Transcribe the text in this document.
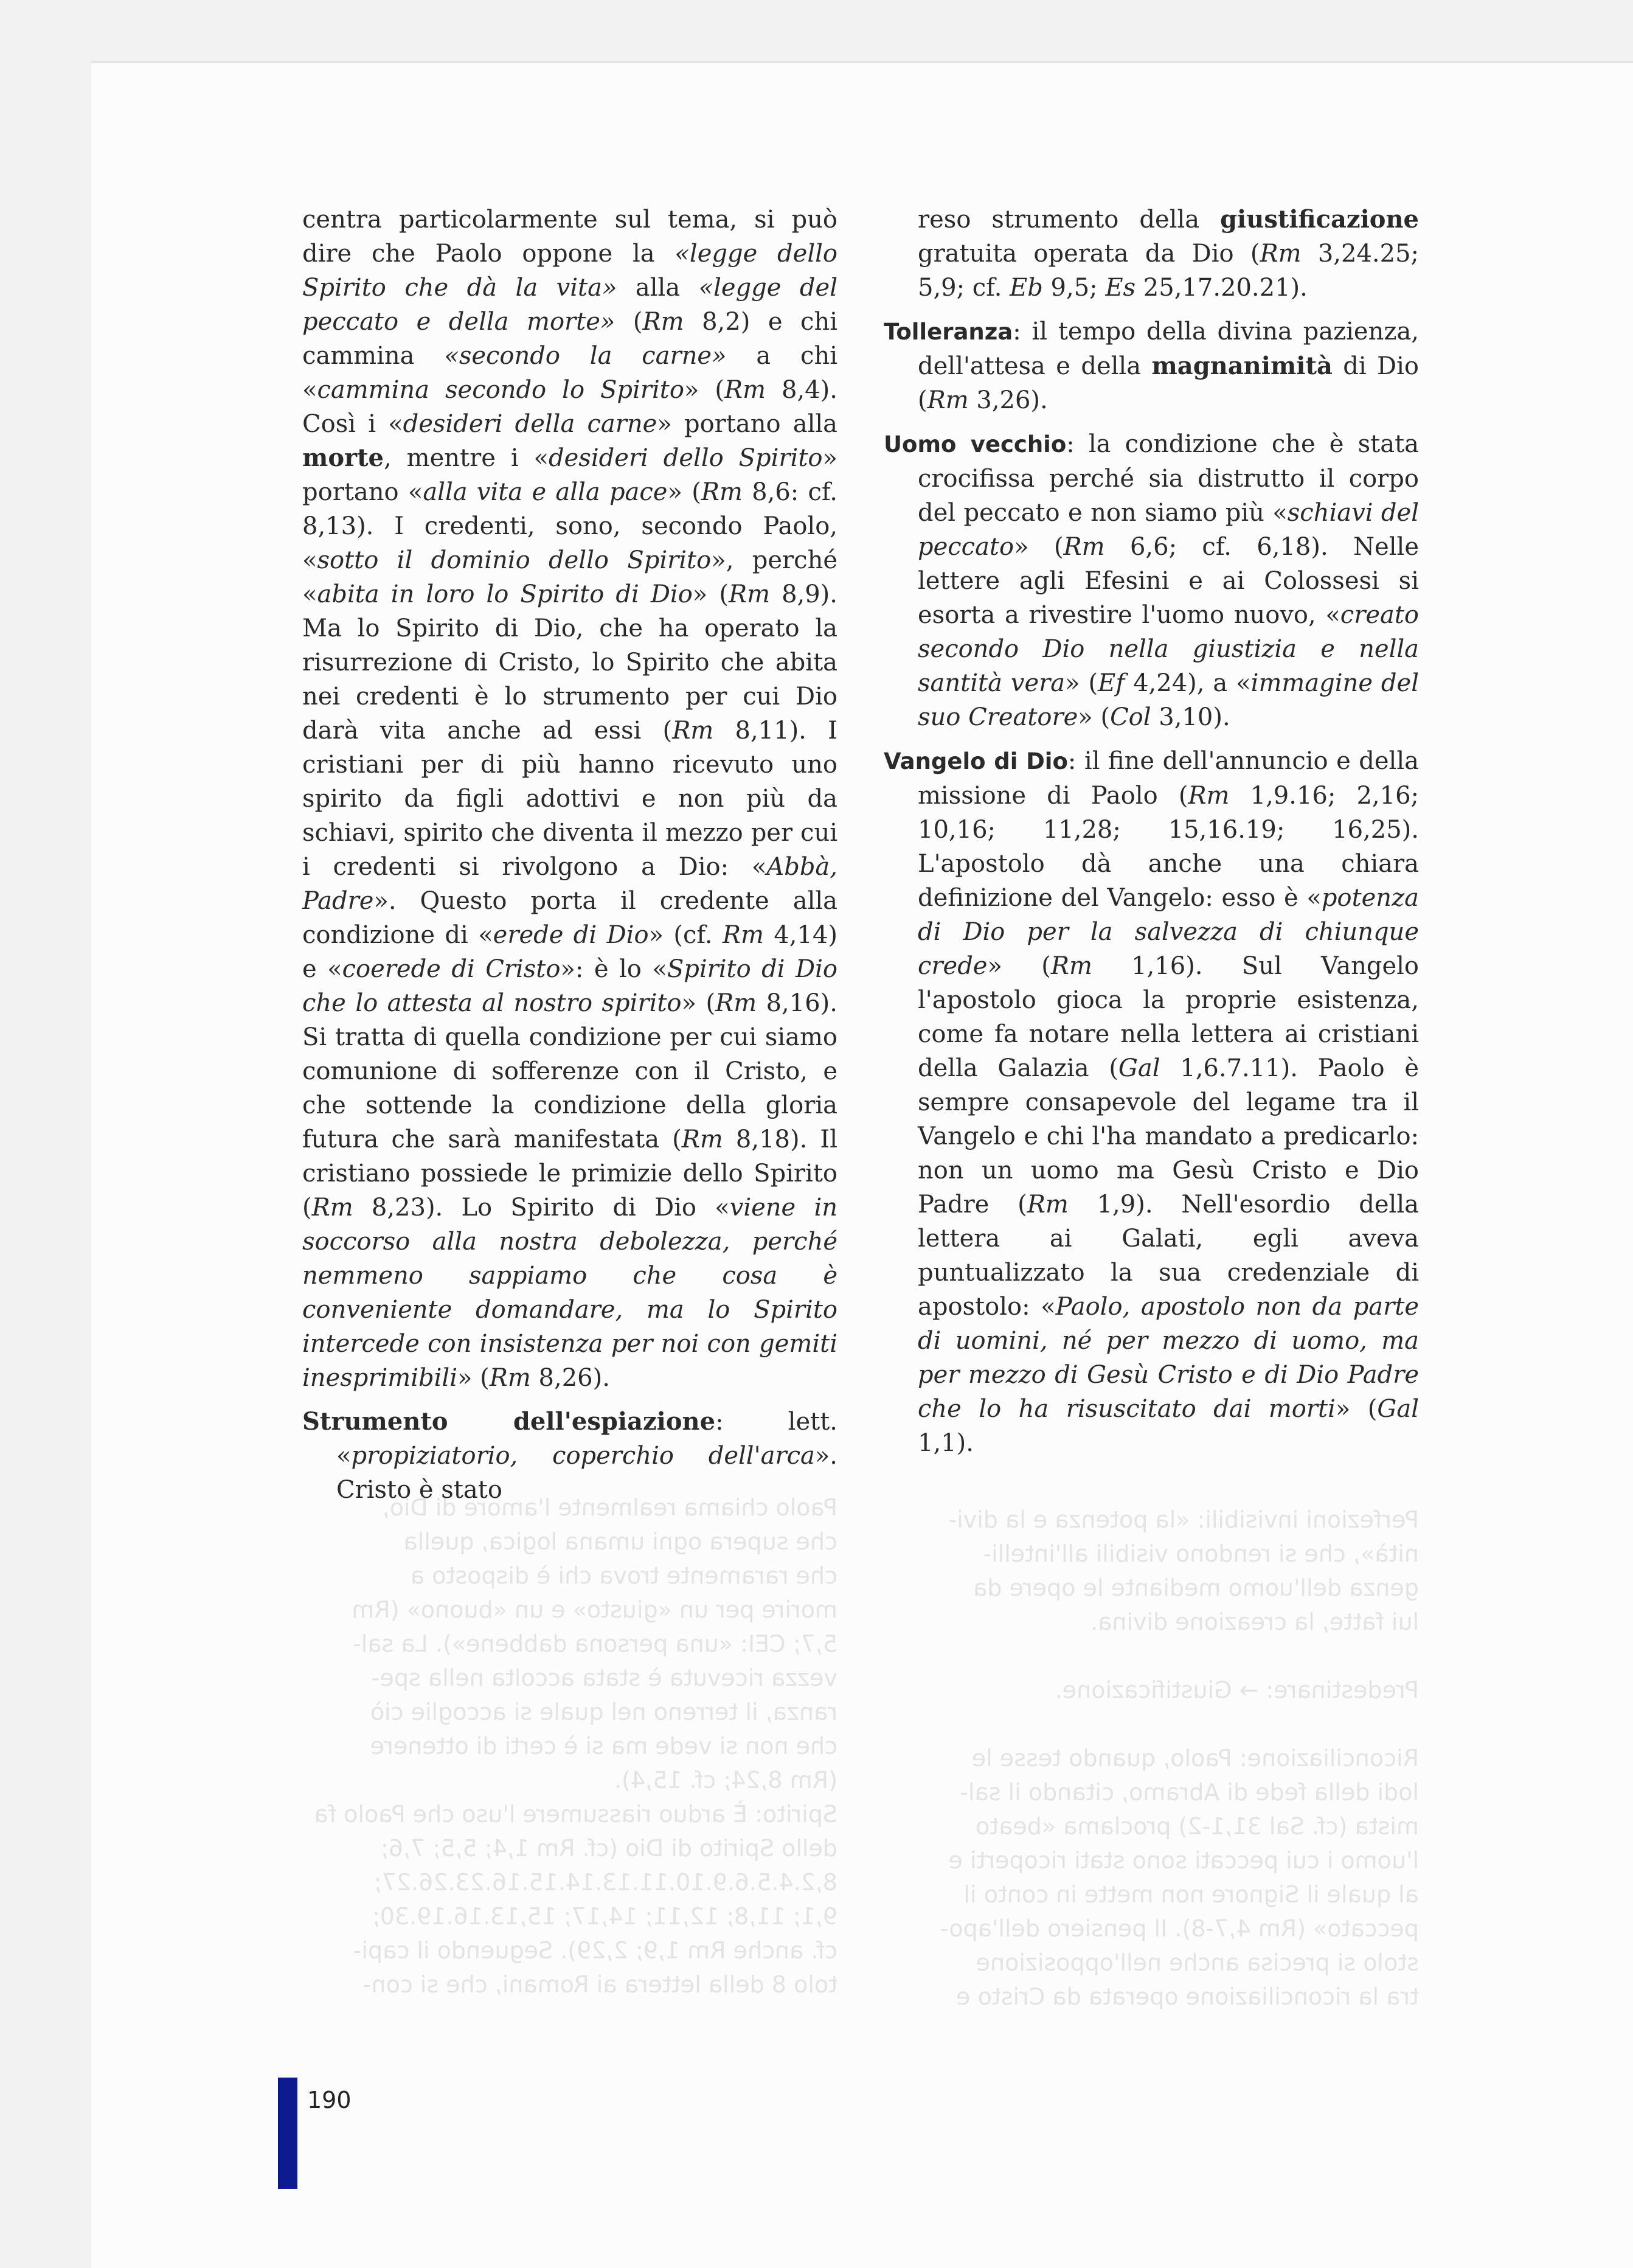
Paolo chiama realmente l'amore di Dio,
che supera ogni umana logica, quella
che raramente trova chi è disposto a
morire per un «giusto» e un «buono» (Rm
5,7; CEI: «una persona dabbene»). La sal-
vezza ricevuta è stata accolta nella spe-
ranza, il terreno nel quale si accoglie ciò
che non si vede ma si è certi di ottenere
(Rm 8,24; cf. 15,4).
Spirito: È arduo riassumere l'uso che Paolo fa
dello Spirito di Dio (cf. Rm 1,4; 5,5; 7,6;
8,2.4.5.6.9.10.11.13.14.15.16.23.26.27;
9,1; 11,8; 12,11; 14,17; 15,13.16.19.30;
cf. anche Rm 1,9; 2,29). Seguendo il capi-
tolo 8 della lettera ai Romani, che si con-
Perfezioni invisibili: «la potenza e la divi-
nità», che si rendono visibili all'intelli-
genza dell'uomo mediante le opere da
lui fatte, la creazione divina.

Predestinare: → Giustificazione.

Riconciliazione: Paolo, quando tesse le
lodi della fede di Abramo, citando il sal-
mista (cf. Sal 31,1-2) proclama «beato
l'uomo i cui peccati sono stati ricoperti e
al quale il Signore non mette in conto il
peccato» (Rm 4,7-8). Il pensiero dell'apo-
stolo si precisa anche nell'opposizione
tra la riconciliazione operata da Cristo e

centra particolarmente sul tema, si può dire che Paolo oppone la «legge dello Spirito che dà la vita» alla «legge del peccato e della morte» (Rm 8,2) e chi cammina «secondo la carne» a chi «cammina secondo lo Spirito» (Rm 8,4). Così i «desideri della carne» portano alla morte, mentre i «desideri dello Spirito» portano «alla vita e alla pace» (Rm 8,6: cf. 8,13). I credenti, sono, secondo Paolo, «sotto il dominio dello Spirito», perché «abita in loro lo Spirito di Dio» (Rm 8,9). Ma lo Spirito di Dio, che ha operato la risurrezione di Cristo, lo Spirito che abita nei credenti è lo strumento per cui Dio darà vita anche ad essi (Rm 8,11). I cristiani per di più hanno ricevuto uno spirito da figli adottivi e non più da schiavi, spirito che diventa il mezzo per cui i credenti si rivolgono a Dio: «Abbà, Padre». Questo porta il credente alla condizione di «erede di Dio» (cf. Rm 4,14) e «coerede di Cristo»: è lo «Spirito di Dio che lo attesta al nostro spirito» (Rm 8,16). Si tratta di quella condizione per cui siamo comunione di sofferenze con il Cristo, e che sottende la condizione della gloria futura che sarà manifestata (Rm 8,18). Il cristiano possiede le primizie dello Spirito (Rm 8,23). Lo Spirito di Dio «viene in soccorso alla nostra debolezza, perché nemmeno sappiamo che cosa è conveniente domandare, ma lo Spirito intercede con insistenza per noi con gemiti inesprimibili» (Rm 8,26).

Strumento dell'espiazione: lett. «propiziatorio, coperchio dell'arca». Cristo è stato

reso strumento della giustificazione gratuita operata da Dio (Rm 3,24.25; 5,9; cf. Eb 9,5; Es 25,17.20.21).

Tolleranza: il tempo della divina pazienza, dell'attesa e della magnanimità di Dio (Rm 3,26).

Uomo vecchio: la condizione che è stata crocifissa perché sia distrutto il corpo del peccato e non siamo più «schiavi del peccato» (Rm 6,6; cf. 6,18). Nelle lettere agli Efesini e ai Colossesi si esorta a rivestire l'uomo nuovo, «creato secondo Dio nella giustizia e nella santità vera» (Ef 4,24), a «immagine del suo Creatore» (Col 3,10).

Vangelo di Dio: il fine dell'annuncio e della missione di Paolo (Rm 1,9.16; 2,16; 10,16; 11,28; 15,16.19; 16,25). L'apostolo dà anche una chiara definizione del Vangelo: esso è «potenza di Dio per la salvezza di chiunque crede» (Rm 1,16). Sul Vangelo l'apostolo gioca la proprie esistenza, come fa notare nella lettera ai cristiani della Galazia (Gal 1,6.7.11). Paolo è sempre consapevole del legame tra il Vangelo e chi l'ha mandato a predicarlo: non un uomo ma Gesù Cristo e Dio Padre (Rm 1,9). Nell'esordio della lettera ai Galati, egli aveva puntualizzato la sua credenziale di apostolo: «Paolo, apostolo non da parte di uomini, né per mezzo di uomo, ma per mezzo di Gesù Cristo e di Dio Padre che lo ha risuscitato dai morti» (Gal 1,1).

190
